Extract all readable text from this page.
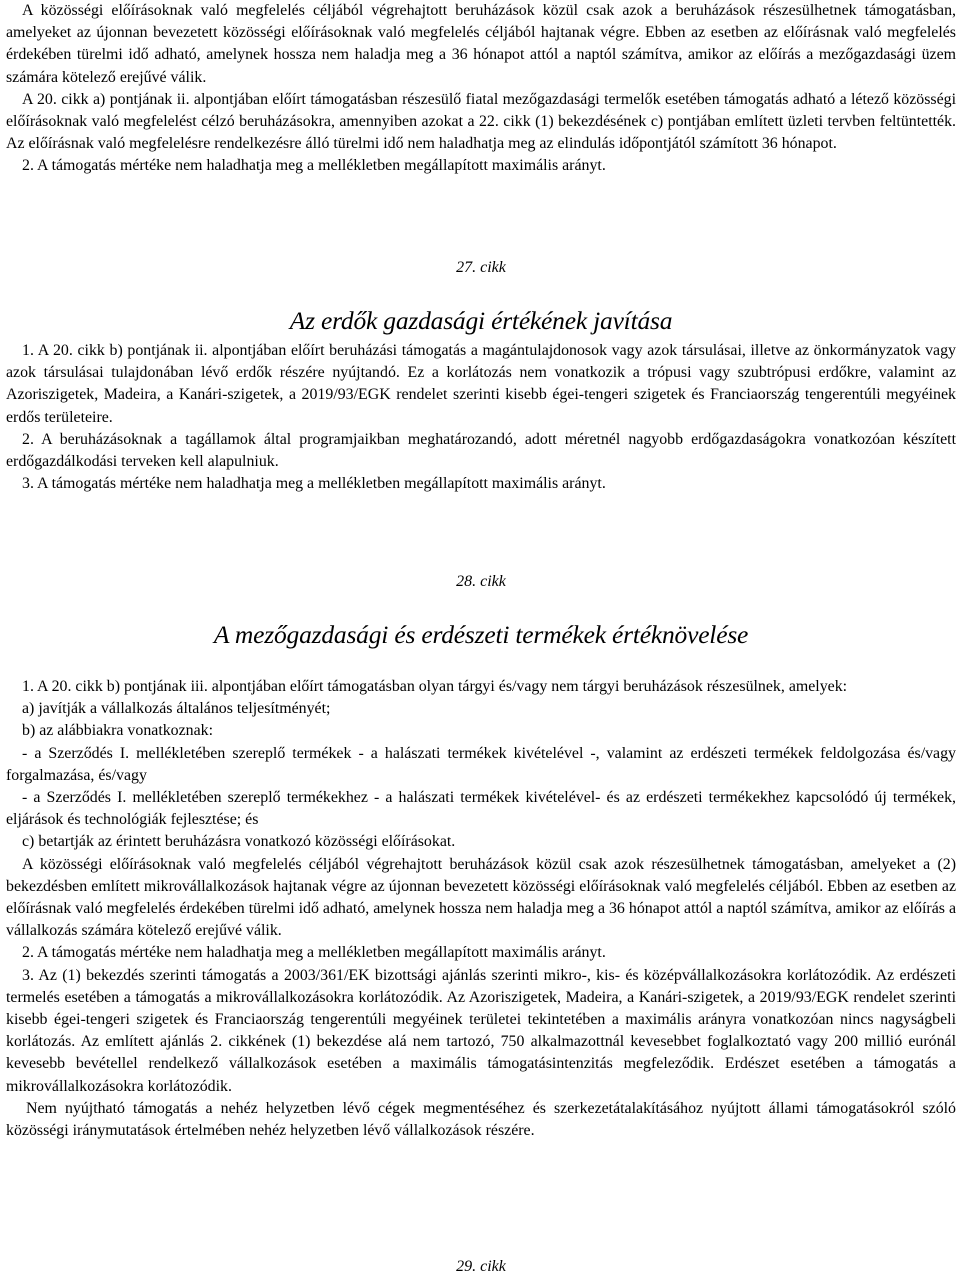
A közösségi előírásoknak való megfelelés céljából végrehajtott beruházások közül csak azok a beruházások részesülhetnek támogatásban, amelyeket az újonnan bevezetett közösségi előírásoknak való megfelelés céljából hajtanak végre. Ebben az esetben az előírásnak való megfelelés érdekében türelmi idő adható, amelynek hossza nem haladja meg a 36 hónapot attól a naptól számítva, amikor az előírás a mezőgazdasági üzem számára kötelező erejűvé válik.

A 20. cikk a) pontjának ii. alpontjában előírt támogatásban részesülő fiatal mezőgazdasági termelők esetében támogatás adható a létező közösségi előírásoknak való megfelelést célzó beruházásokra, amennyiben azokat a 22. cikk (1) bekezdésének c) pontjában említett üzleti tervben feltüntették. Az előírásnak való megfelelésre rendelkezésre álló türelmi idő nem haladhatja meg az elindulás időpontjától számított 36 hónapot.

2. A támogatás mértéke nem haladhatja meg a mellékletben megállapított maximális arányt.

27. cikk

Az erdők gazdasági értékének javítása

1. A 20. cikk b) pontjának ii. alpontjában előírt beruházási támogatás a magántulajdonosok vagy azok társulásai, illetve az önkormányzatok vagy azok társulásai tulajdonában lévő erdők részére nyújtandó. Ez a korlátozás nem vonatkozik a trópusi vagy szubtrópusi erdőkre, valamint az Azoriszigetek, Madeira, a Kanári-szigetek, a 2019/93/EGK rendelet szerinti kisebb égei-tengeri szigetek és Franciaország tengerentúli megyéinek erdős területeire.

2. A beruházásoknak a tagállamok által programjaikban meghatározandó, adott méretnél nagyobb erdőgazdaságokra vonatkozóan készített erdőgazdálkodási terveken kell alapulniuk.

3. A támogatás mértéke nem haladhatja meg a mellékletben megállapított maximális arányt.

28. cikk

A mezőgazdasági és erdészeti termékek értéknövelése

1. A 20. cikk b) pontjának iii. alpontjában előírt támogatásban olyan tárgyi és/vagy nem tárgyi beruházások részesülnek, amelyek:

a) javítják a vállalkozás általános teljesítményét;

b) az alábbiakra vonatkoznak:

- a Szerződés I. mellékletében szereplő termékek - a halászati termékek kivételével -, valamint az erdészeti termékek feldolgozása és/vagy forgalmazása, és/vagy

- a Szerződés I. mellékletében szereplő termékekhez - a halászati termékek kivételével- és az erdészeti termékekhez kapcsolódó új termékek, eljárások és technológiák fejlesztése; és

c) betartják az érintett beruházásra vonatkozó közösségi előírásokat.

A közösségi előírásoknak való megfelelés céljából végrehajtott beruházások közül csak azok részesülhetnek támogatásban, amelyeket a (2) bekezdésben említett mikrovállalkozások hajtanak végre az újonnan bevezetett közösségi előírásoknak való megfelelés céljából. Ebben az esetben az előírásnak való megfelelés érdekében türelmi idő adható, amelynek hossza nem haladja meg a 36 hónapot attól a naptól számítva, amikor az előírás a vállalkozás számára kötelező erejűvé válik.

2. A támogatás mértéke nem haladhatja meg a mellékletben megállapított maximális arányt.

3. Az (1) bekezdés szerinti támogatás a 2003/361/EK bizottsági ajánlás szerinti mikro-, kis- és középvállalkozásokra korlátozódik. Az erdészeti termelés esetében a támogatás a mikrovállalkozásokra korlátozódik. Az Azoriszigetek, Madeira, a Kanári-szigetek, a 2019/93/EGK rendelet szerinti kisebb égei-tengeri szigetek és Franciaország tengerentúli megyéinek területei tekintetében a maximális arányra vonatkozóan nincs nagyságbeli korlátozás. Az említett ajánlás 2. cikkének (1) bekezdése alá nem tartozó, 750 alkalmazottnál kevesebbet foglalkoztató vagy 200 millió eurónál kevesebb bevétellel rendelkező vállalkozások esetében a maximális támogatásintenzitás megfeleződik. Erdészet esetében a támogatás a mikrovállalkozásokra korlátozódik.

Nem nyújtható támogatás a nehéz helyzetben lévő cégek megmentéséhez és szerkezetátalakításához nyújtott állami támogatásokról szóló közösségi iránymutatások értelmében nehéz helyzetben lévő vállalkozások részére.

29. cikk
